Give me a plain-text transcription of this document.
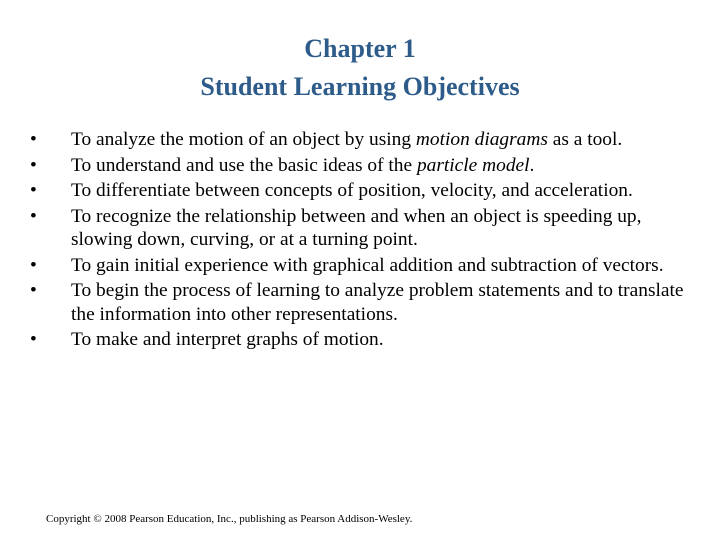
Chapter 1
Student Learning Objectives
•	To analyze the motion of an object by using motion diagrams as a tool.
•	To understand and use the basic ideas of the particle model.
•	To differentiate between concepts of position, velocity, and acceleration.
•	To recognize the relationship between and when an object is speeding up, slowing down, curving, or at a turning point.
•	To gain initial experience with graphical addition and subtraction of vectors.
•	To begin the process of learning to analyze problem statements and to translate the information into other representations.
•	To make and interpret graphs of motion.
Copyright © 2008 Pearson Education, Inc., publishing as Pearson Addison-Wesley.
